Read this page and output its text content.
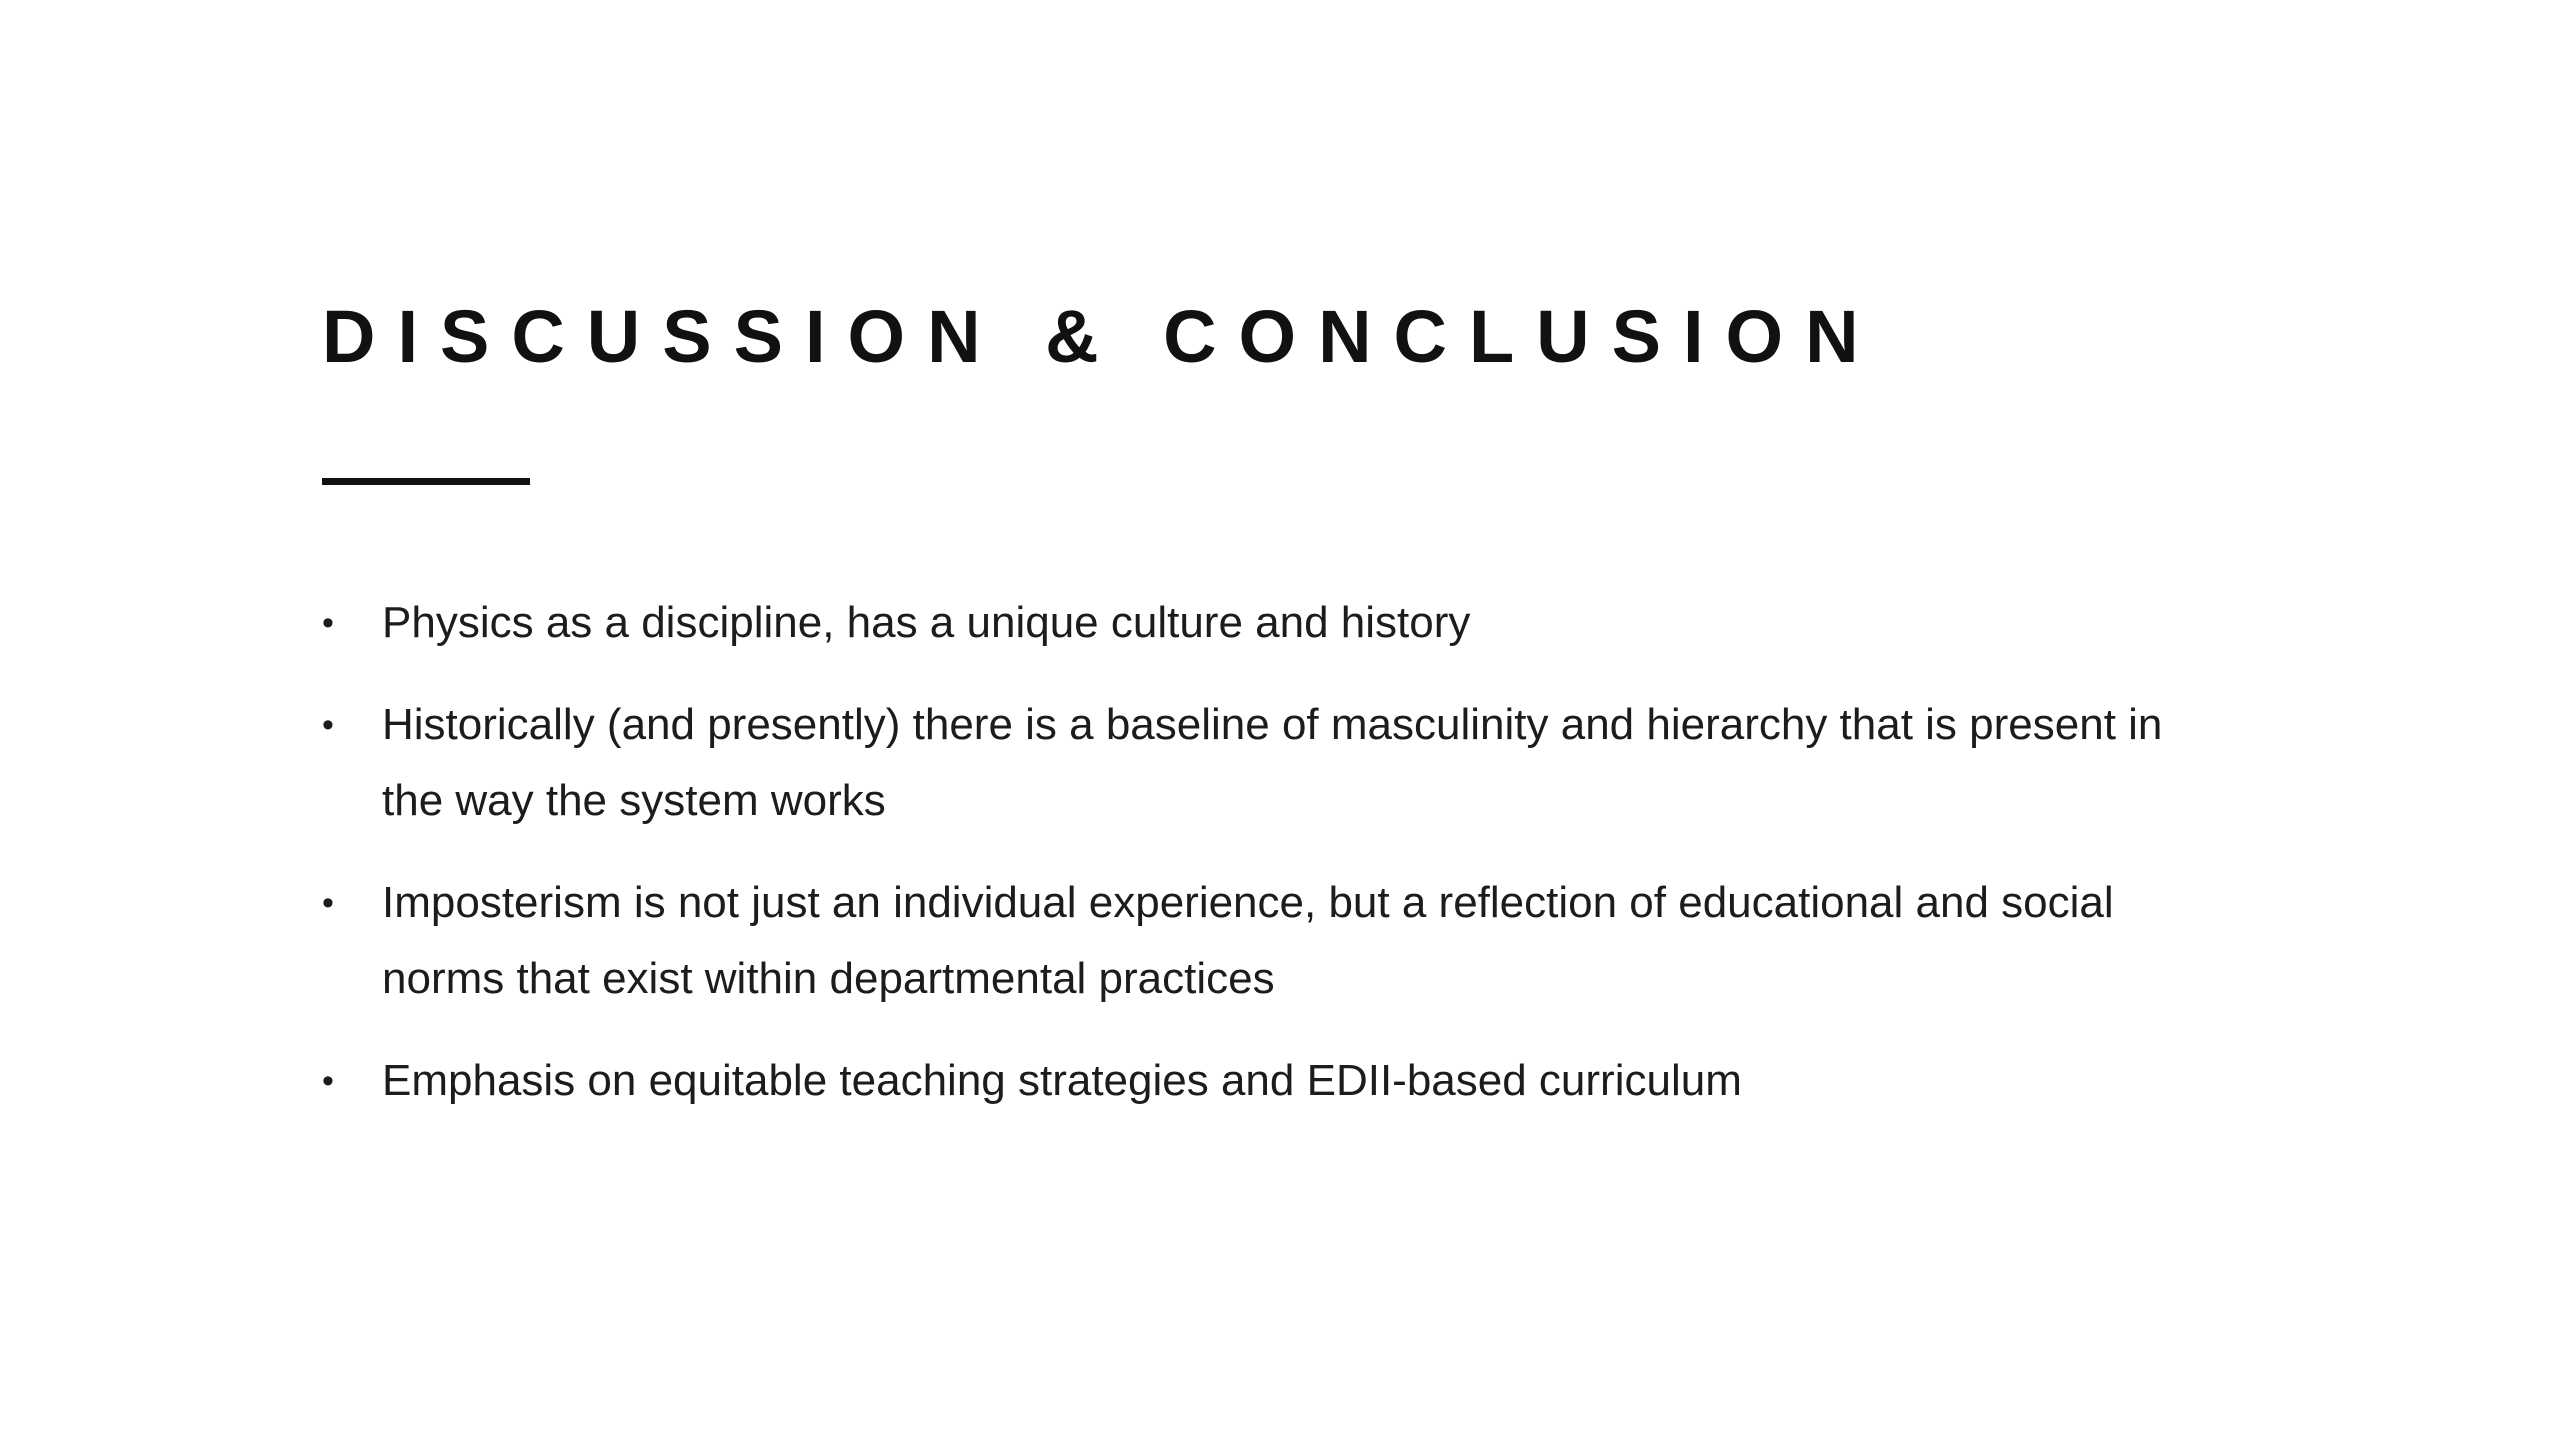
DISCUSSION & CONCLUSION
• Physics as a discipline, has a unique culture and history
• Historically (and presently) there is a baseline of masculinity and hierarchy that is present in the way the system works
• Imposterism is not just an individual experience, but a reflection of educational and social norms that exist within departmental practices
• Emphasis on equitable teaching strategies and EDII-based curriculum
